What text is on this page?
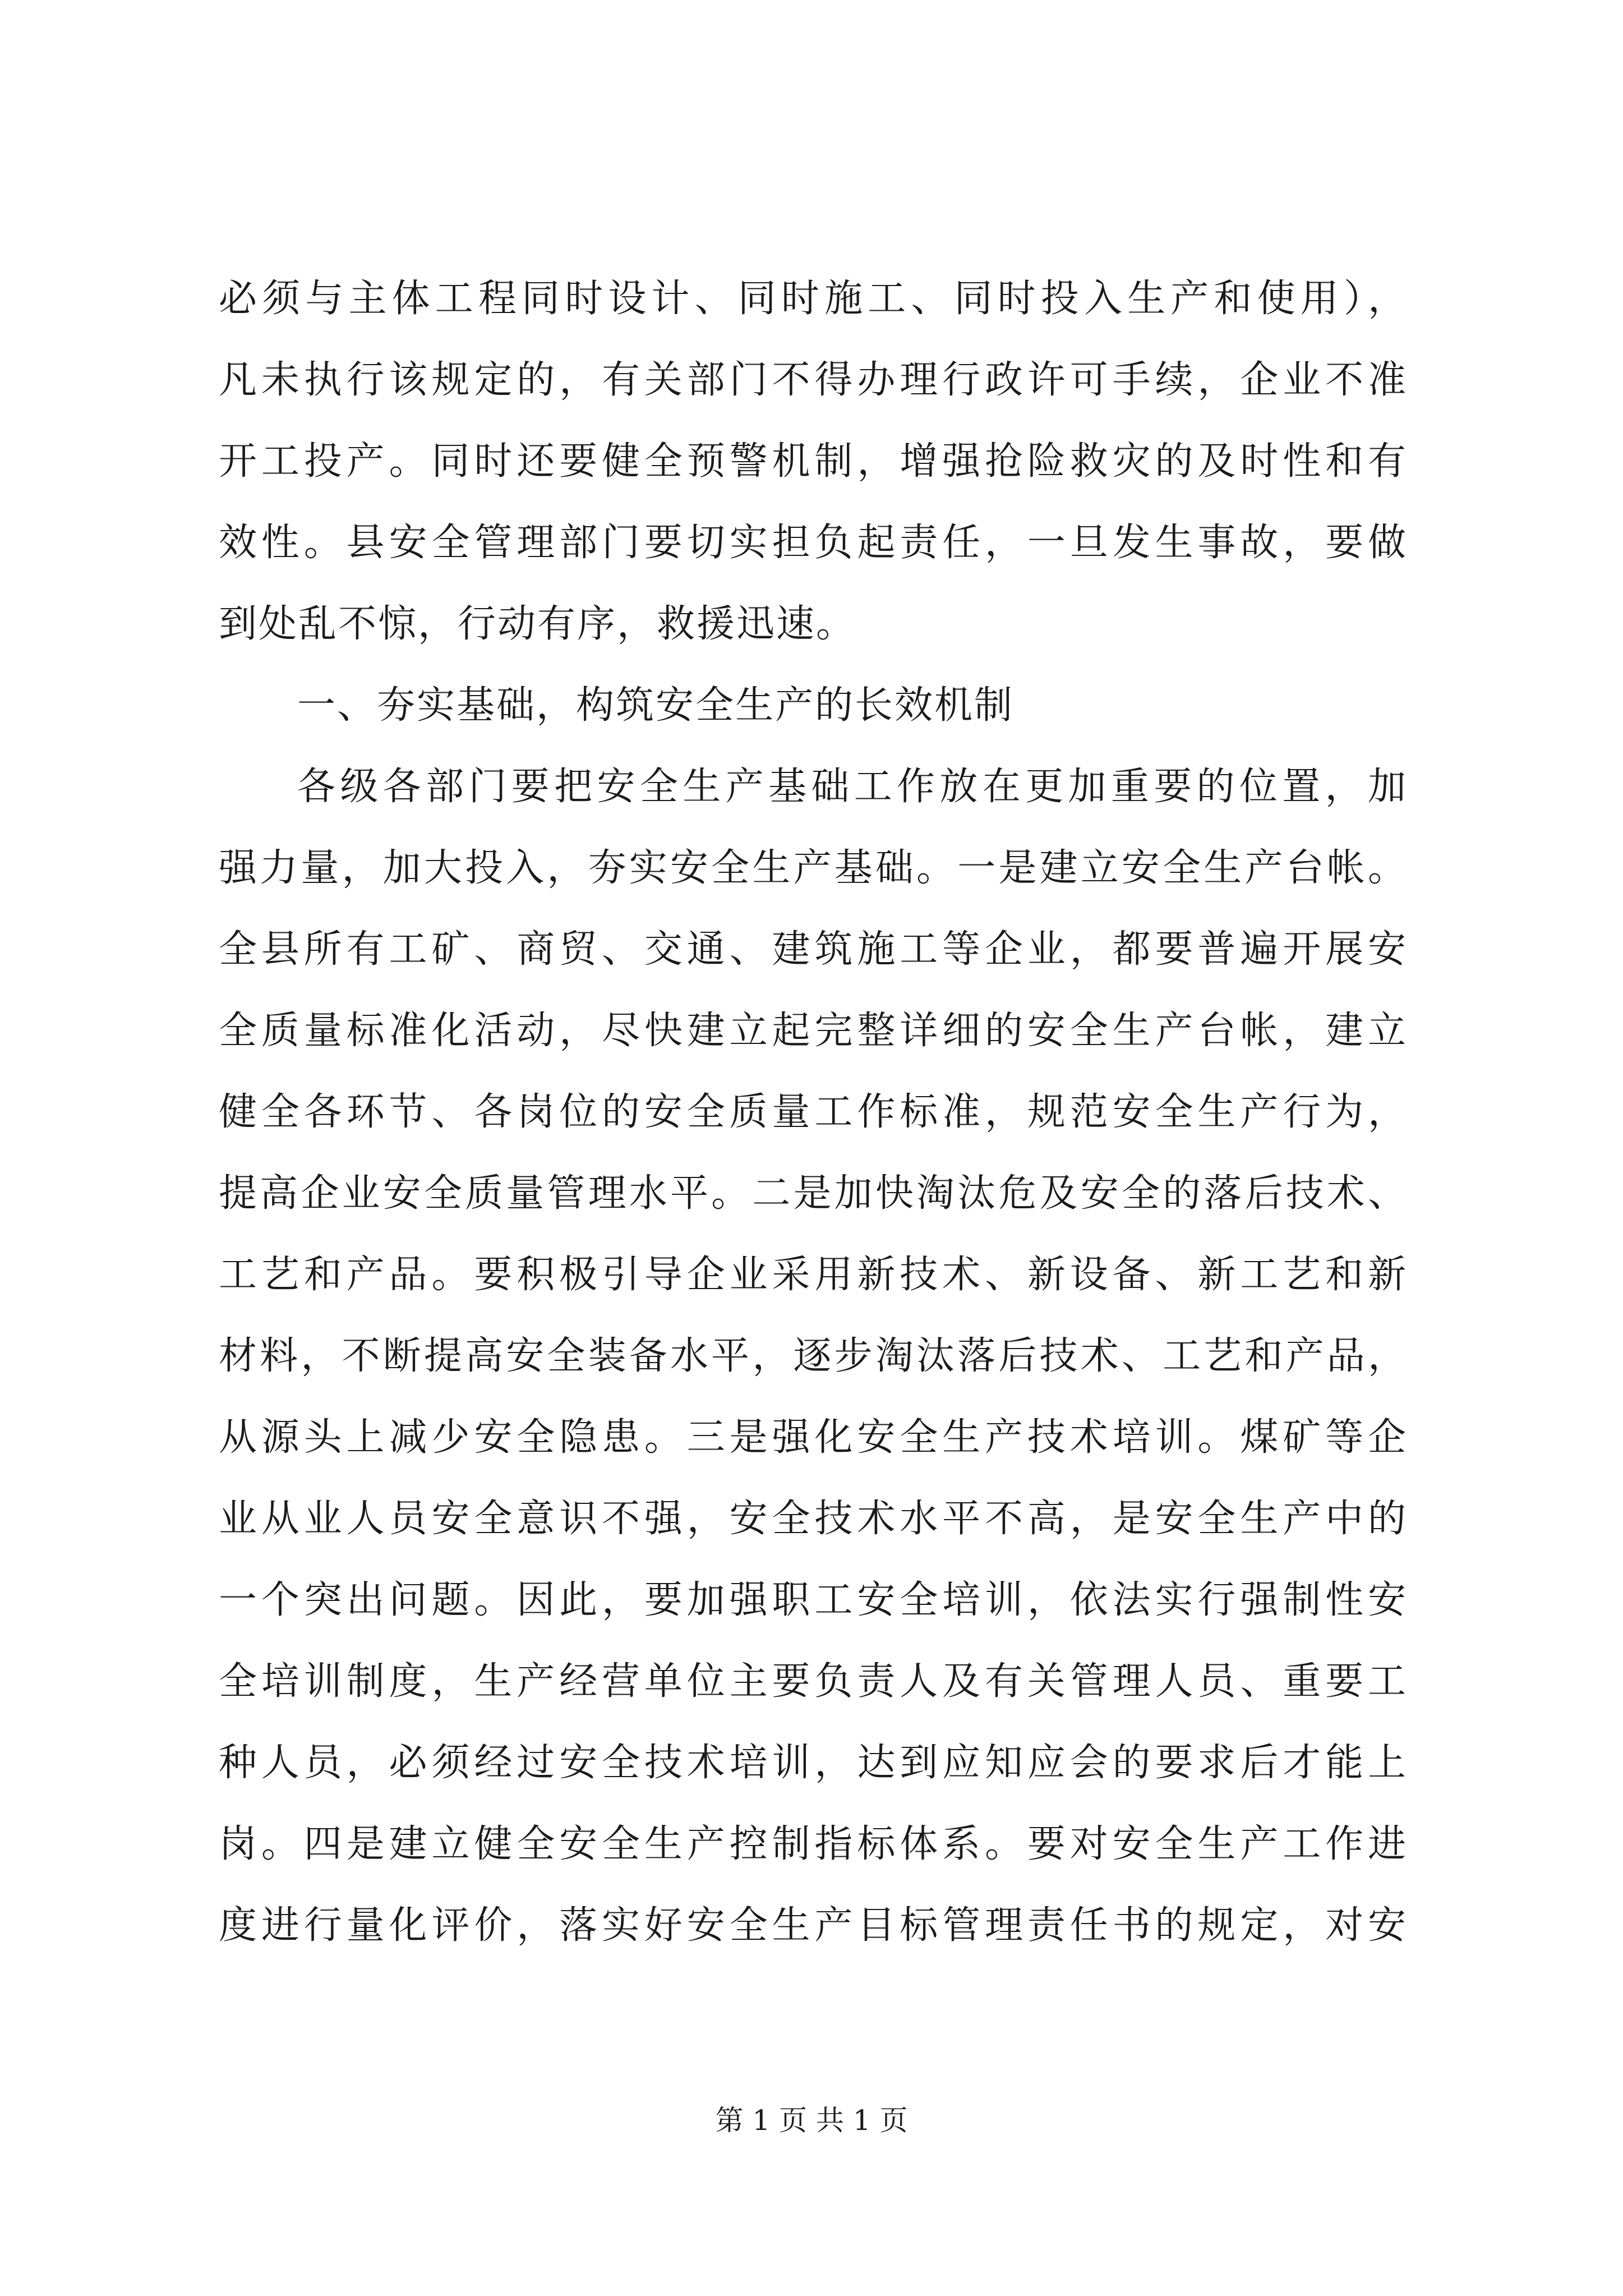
必须与主体工程同时设计、同时施工、同时投入生产和使用），
凡未执行该规定的，有关部门不得办理行政许可手续，企业不准
开工投产。同时还要健全预警机制，增强抢险救灾的及时性和有
效性。县安全管理部门要切实担负起责任，一旦发生事故，要做
到处乱不惊，行动有序，救援迅速。
一、夯实基础，构筑安全生产的长效机制
各级各部门要把安全生产基础工作放在更加重要的位置，加
强力量，加大投入，夯实安全生产基础。一是建立安全生产台帐。
全县所有工矿、商贸、交通、建筑施工等企业，都要普遍开展安
全质量标准化活动，尽快建立起完整详细的安全生产台帐，建立
健全各环节、各岗位的安全质量工作标准，规范安全生产行为，
提高企业安全质量管理水平。二是加快淘汰危及安全的落后技术、
工艺和产品。要积极引导企业采用新技术、新设备、新工艺和新
材料，不断提高安全装备水平，逐步淘汰落后技术、工艺和产品，
从源头上减少安全隐患。三是强化安全生产技术培训。煤矿等企
业从业人员安全意识不强，安全技术水平不高，是安全生产中的
一个突出问题。因此，要加强职工安全培训，依法实行强制性安
全培训制度，生产经营单位主要负责人及有关管理人员、重要工
种人员，必须经过安全技术培训，达到应知应会的要求后才能上
岗。四是建立健全安全生产控制指标体系。要对安全生产工作进
度进行量化评价，落实好安全生产目标管理责任书的规定，对安
第 1 页 共 1 页
